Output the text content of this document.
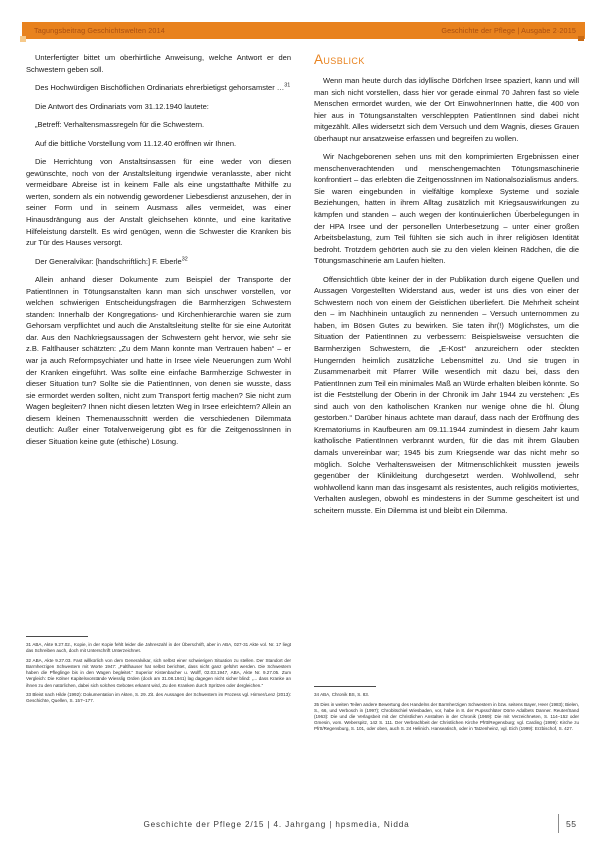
Tagungsbeitrag Geschichtswelten 2014	Geschichte der Pflege | Ausgabe 2·2015

Unterfertigter bittet um oberhirtliche Anweisung, welche Antwort er den Schwestern geben soll.

Des Hochwürdigen Bischöflichen Ordinariats ehrerbietigst gehorsamster …$^{31}$

Die Antwort des Ordinariats vom 31.12.1940 lautete:

„Betreff: Verhaltensmassregeln für die Schwestern.

Auf die bittliche Vorstellung vom 11.12.40 eröffnen wir Ihnen.

Die Herrichtung von Anstaltsinsassen für eine weder von diesen gewünschte, noch von der Anstaltsleitung irgendwie veranlasste, aber nicht vermeidbare Abreise ist in keinem Falle als eine ungstatthafte Mithilfe zu werten, sondern als ein notwendig gewordener Liebesdienst anzusehen, der in seiner Form und in seinem Ausmass alles vermeidet, was einer Hinausdrängung aus der Anstalt gleichsehen könnte, und eine karitative Hilfeleistung darstellt. Es wird genügen, wenn die Schwester die Kranken bis zur Tür des Hauses versorgt.

Der Generalvikar: [handschriftlich:] F. Eberle$^{32}$

Allein anhand dieser Dokumente zum Beispiel der Transporte der PatientInnen in Tötungsanstalten kann man sich unschwer vorstellen, vor welchen schwierigen Entscheidungsfragen die Barmherzigen Schwestern standen: Innerhalb der Kongregations- und Kirchenhierarchie waren sie zum Gehorsam verpflichtet und auch die Anstaltsleitung stellte für sie eine Autorität dar. Aus den Nachkriegsaussagen der Schwestern geht hervor, wie sehr sie z.B. Faltlhauser schätzten: „Zu dem Mann konnte man Vertrauen haben“ – er war ja auch Reformpsychiater und hatte in Irsee viele Neuerungen zum Wohl der Kranken eingeführt. Was sollte eine einfache Barmherzige Schwester in dieser Situation tun? Sollte sie die PatientInnen, von denen sie wusste, dass sie ermordet werden sollten, nicht zum Transport fertig machen? Sie nicht zum Wagen begleiten? Ihnen nicht diesen letzten Weg in Irsee erleichtern? Allein an diesem kleinen Themenausschnitt werden die verschiedenen Dilemmata deutlich: Außer einer Totalverweigerung gibt es für die ZeitgenossInnen in dieser Situation keine gute (ethische) Lösung.

Ausblick

Wenn man heute durch das idyllische Dörfchen Irsee spaziert, kann und will man sich nicht vorstellen, dass hier vor gerade einmal 70 Jahren fast so viele Menschen ermordet wurden, wie der Ort EinwohnerInnen hatte, die 400 von hier aus in Tötungsanstalten verschleppten PatientInnen sind dabei nicht mitgezählt. Alles widersetzt sich dem Versuch und dem Wagnis, dieses Grauen überhaupt nur ansatzweise erfassen und begreifen zu wollen.

Wir Nachgeborenen sehen uns mit den komprimierten Ergebnissen einer menschenverachtenden und menschengemachten Tötungsmaschinerie konfrontiert – das erlebten die ZeitgenossInnen im Nationalsozialismus anders. Sie waren eingebunden in vielfältige komplexe Systeme und soziale Beziehungen, hatten in ihrem Alltag zusätzlich mit Kriegsauswirkungen zu kämpfen und standen – auch wegen der kontinuierlichen Überbelegungen in der HPA Irsee und der personellen Unterbesetzung – unter einer großen Arbeitsbelastung, zum Teil fühlten sie sich auch in ihrer religiösen Identität bedroht. Trotzdem gehörten auch sie zu den vielen kleinen Rädchen, die die Tötungsmaschinerie am Laufen hielten.

Offensichtlich übte keiner der in der Publikation durch eigene Quellen und Aussagen Vorgestellten Widerstand aus, weder ist uns dies von einer der Schwestern noch von einem der Geistlichen überliefert. Die Mehrheit scheint den – im Nachhinein untauglich zu nennenden – Versuch unternommen zu haben, im Bösen Gutes zu bewirken. Sie taten ihr(!) Möglichstes, um die Situation der PatientInnen zu verbessern: Beispielsweise versuchten die Barmherzigen Schwestern, die „E-Kost“ anzureichern oder steckten Hungernden heimlich zusätzliche Lebensmittel zu. Und sie trugen in Zusammenarbeit mit Pfarrer Wille wesentlich mit dazu bei, dass den PatientInnen zum Teil ein minimales Maß an Würde erhalten bleiben könnte. So ist die Feststellung der Oberin in der Chronik im Jahr 1944 zu verstehen: „Es sind auch von den katholischen Kranken nur wenige ohne die hl. Ölung gestorben.“ Darüber hinaus achtete man darauf, dass nach der Eröffnung des Krematoriums in Kaufbeuren am 09.11.1944 zumindest in diesem Jahr kaum katholische PatientInnen verbrannt wurden, für die das mit ihrem Glauben damals unvereinbar war; 1945 bis zum Kriegsende war das nicht mehr so möglich. Solche Verhaltensweisen der Mitmenschlichkeit mussten jeweils gegenüber der Klinikleitung durchgesetzt werden. Wohlwollend, sehr wohlwollend kann man das insgesamt als resistentes, auch religiös motiviertes, Verhalten auslegen, obwohl es mindestens in der Summe gescheitert ist und scheitern musste. Ein Dilemma ist und bleibt ein Dilemma.

31 ABA, Akte 9.27.02., Kopie, in der Kopie fehlt leider die Jahreszahl in der Überschrift, aber in ABA, 027-31 Akte vol. Nr. 17 liegt das Schreiben auch, doch mit Unterschrift Unterzeichnet.

32 ABA, Akte 9.27.03. Fast willkürlich von dem Generalvikar, sich selbst einer schwierigen Situation zu stellen. Der Standort der Barmherzigen Schwestern mit Worte 1947: „Faltlhauser hat selbst berichtet, dass nicht ganz geführt werden. Die Schwestern haben die Pfleglinge bis in den Wagen begleitet.“ Superior Kistenbacher u. Wolff, 02.03.1947, ABA, Akte Nr. 9.27.05. Zum Vergleich: Die Kölner Kapitelsvorstände Wiesslig Orden (dock am 31.08.1941) lag dagegen nicht sicher blind: „... dass Kranke an ihnen zu den natürlichen, dabei sich solches Gebotes erkannt wird, Zu den Kranken durch Spritzen oder dergleichen.“

33 Bleist nach Hilde (1992): Dokumentation im Akten, S. 29. Zit. des Aussagen der Schwestern im Prozess vgl. Hirmer/Lenz (2013): Geschichte, Quellen, S. 157–177.

34 ABA, Chronik BS, S. 83.

35 Dies in weiten Teilen andere Bewertung des Handelns der Barmherzigen Schwestern in bzw. seitens Bayer, Heer (1983); Bielen, S., 66, und Verbosch in (1997); Chrobitschiel Wiesbaden, vor, habe in 8. der Pupsschlüter Dörre Adalbets Danner. Reuter/Sand (1963): Die und die Verlagsbeit mit der Christlichen Anstalten in der Chronik (1969): Die mit Verzeichneten, S. 114–152 oder Gmesin, vom. Weberspitz, 142 S. 111. Der Verbrachbeit der Christlichen Kirche Pfrtt/Regensburg; vgl. Carding (1999): Kirche zu Pfrtt/Regensburg, S. 101, oder oben, auch S. 24 Helinich. Hanseatisch, oder in Tatzenheinz, vgl. Eich (1999): Erzbischof, S. 427.

Geschichte der Pflege 2/15 | 4. Jahrgang | hpsmedia, Nidda	55
